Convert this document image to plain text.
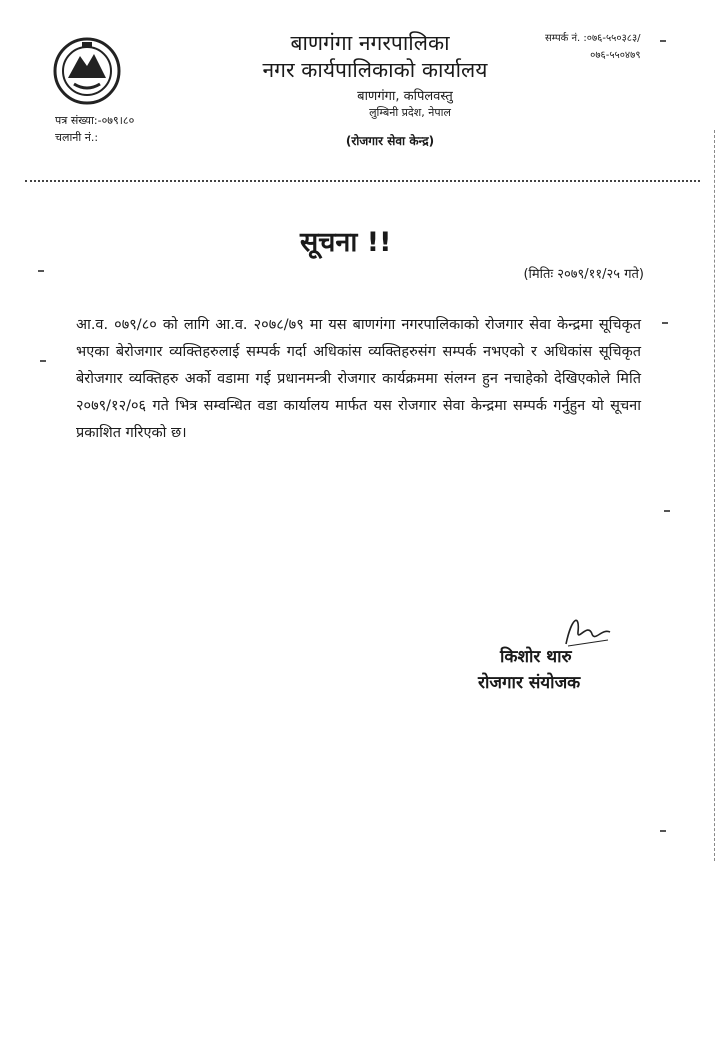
बाणगंगा नगरपालिका
नगर कार्यपालिकाको कार्यालय
बाणगंगा, कपिलवस्तु
लुम्बिनी प्रदेश, नेपाल
(रोजगार सेवा केन्द्र)
सम्पर्क नं. :०७६-५५०३८३/
०७६-५५०४७९
पत्र संख्या:-०७९।८०
चलानी नं.:
सूचना !!
(मितिः २०७९/११/२५ गते)
आ.व. ०७९/८० को लागि आ.व. २०७८/७९ मा यस बाणगंगा नगरपालिकाको रोजगार सेवा केन्द्रमा सूचिकृत भएका बेरोजगार व्यक्तिहरुलाई सम्पर्क गर्दा अधिकांस व्यक्तिहरुसंग सम्पर्क नभएको र अधिकांस सूचिकृत बेरोजगार व्यक्तिहरु अर्को वडामा गई प्रधानमन्त्री रोजगार कार्यक्रममा संलग्न हुन नचाहेको देखिएकोले मिति २०७९/१२/०६ गते भित्र सम्वन्धित वडा कार्यालय मार्फत यस रोजगार सेवा केन्द्रमा सम्पर्क गर्नुहुन यो सूचना प्रकाशित गरिएको छ।
किशोर थारु
रोजगार संयोजक
